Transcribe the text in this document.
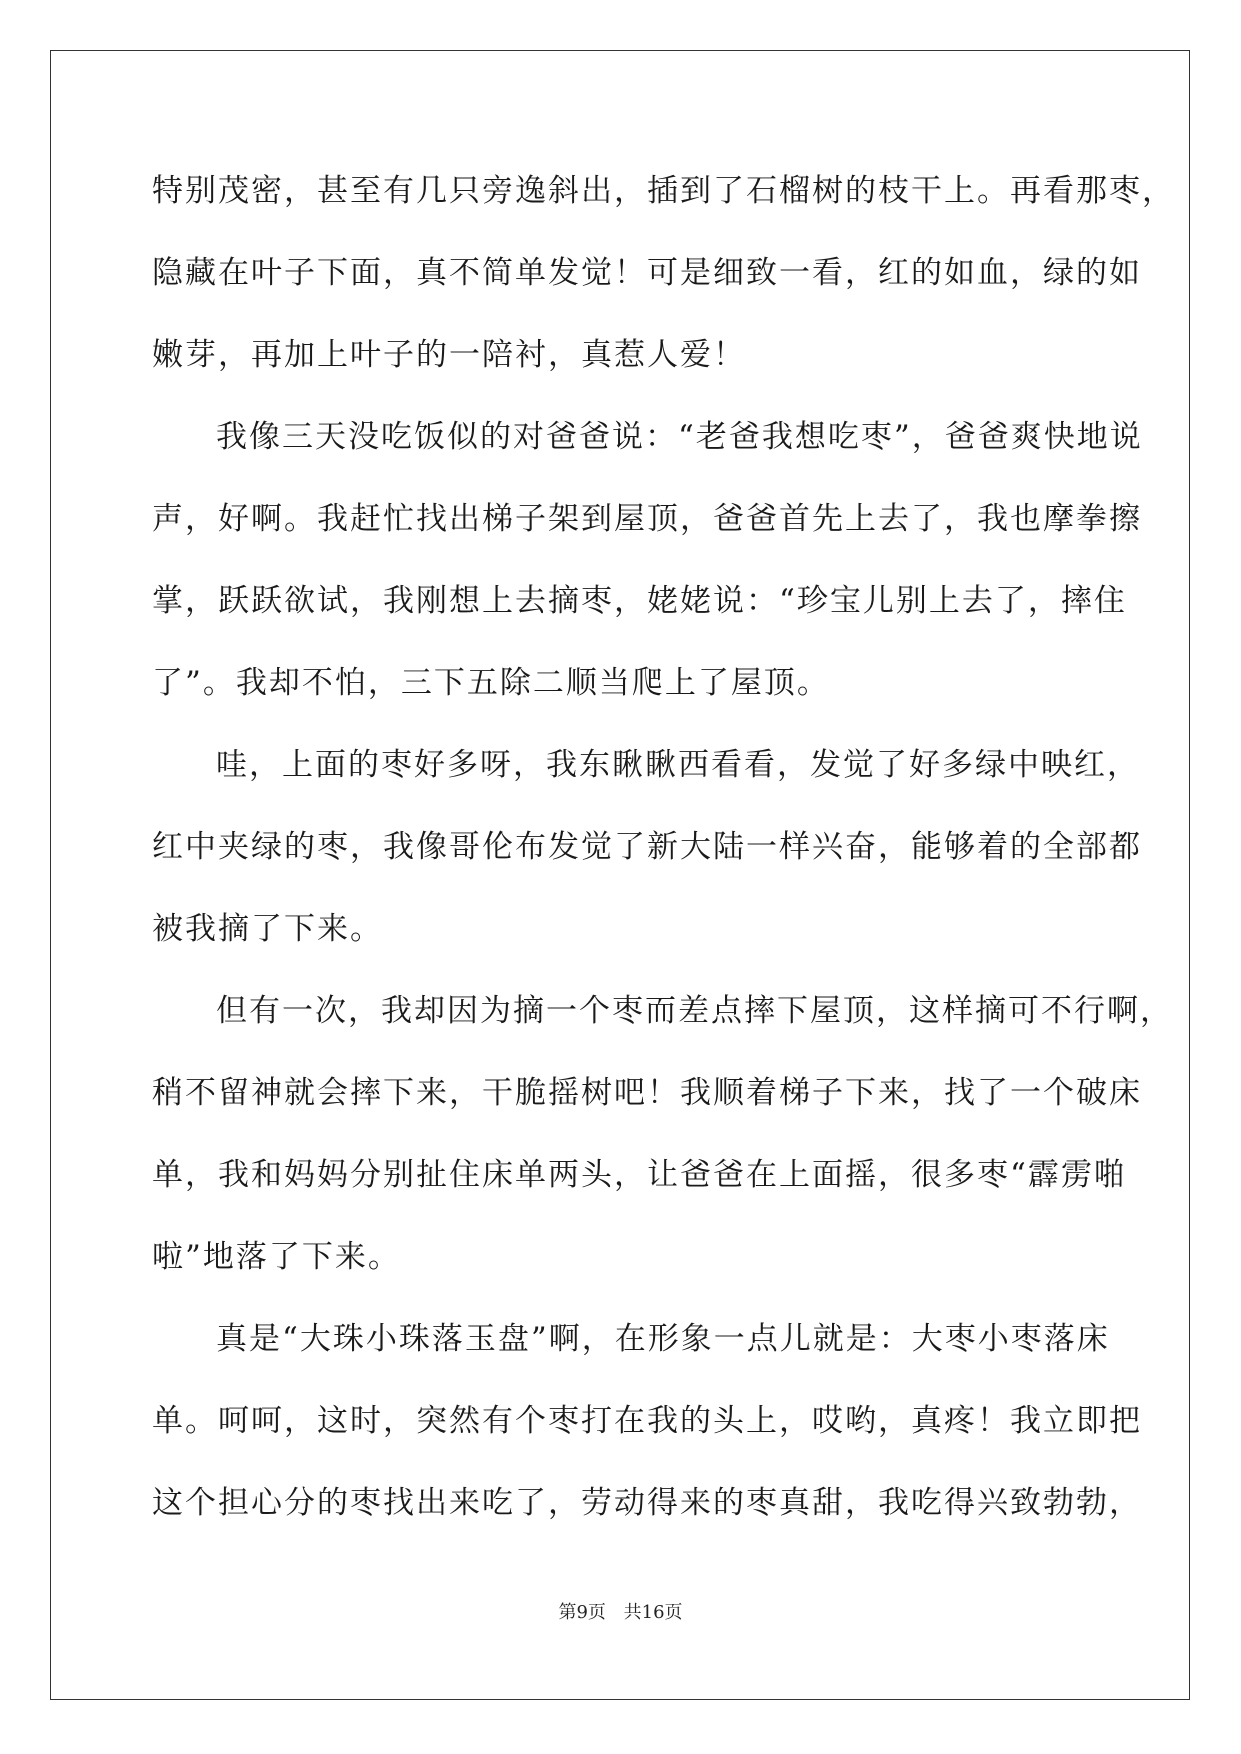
特别茂密，甚至有几只旁逸斜出，插到了石榴树的枝干上。再看那枣，
隐藏在叶子下面，真不简单发觉！可是细致一看，红的如血，绿的如
嫩芽，再加上叶子的一陪衬，真惹人爱！
我像三天没吃饭似的对爸爸说：“老爸我想吃枣”，爸爸爽快地说
声，好啊。我赶忙找出梯子架到屋顶，爸爸首先上去了，我也摩拳擦
掌，跃跃欲试，我刚想上去摘枣，姥姥说：“珍宝儿别上去了，摔住
了”。我却不怕，三下五除二顺当爬上了屋顶。
哇，上面的枣好多呀，我东瞅瞅西看看，发觉了好多绿中映红，
红中夹绿的枣，我像哥伦布发觉了新大陆一样兴奋，能够着的全部都
被我摘了下来。
但有一次，我却因为摘一个枣而差点摔下屋顶，这样摘可不行啊，
稍不留神就会摔下来，干脆摇树吧！我顺着梯子下来，找了一个破床
单，我和妈妈分别扯住床单两头，让爸爸在上面摇，很多枣“霹雳啪
啦”地落了下来。
真是“大珠小珠落玉盘”啊，在形象一点儿就是：大枣小枣落床
单。呵呵，这时，突然有个枣打在我的头上，哎哟，真疼！我立即把
这个担心分的枣找出来吃了，劳动得来的枣真甜，我吃得兴致勃勃，
第9页 共16页
